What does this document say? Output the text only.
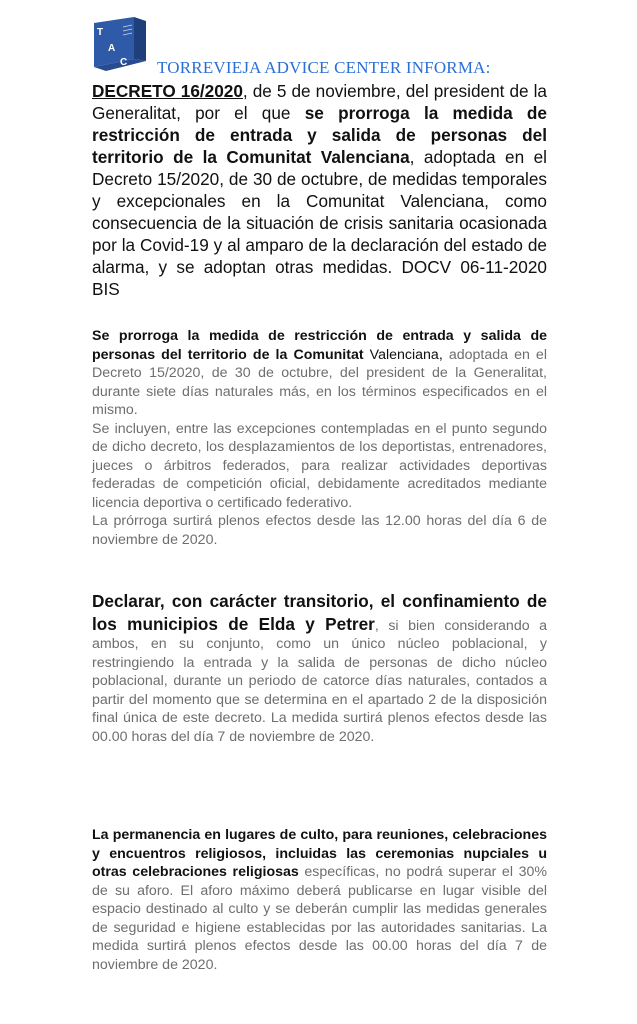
T
A
C TORREVIEJA ADVICE CENTER INFORMA:
DECRETO 16/2020, de 5 de noviembre, del president de la Generalitat, por el que se prorroga la medida de restricción de entrada y salida de personas del territorio de la Comunitat Valenciana, adoptada en el Decreto 15/2020, de 30 de octubre, de medidas temporales y excepcionales en la Comunitat Valenciana, como consecuencia de la situación de crisis sanitaria ocasionada por la Covid-19 y al amparo de la declaración del estado de alarma, y se adoptan otras medidas. DOCV 06-11-2020 BIS
Se prorroga la medida de restricción de entrada y salida de personas del territorio de la Comunitat Valenciana, adoptada en el Decreto 15/2020, de 30 de octubre, del president de la Generalitat, durante siete días naturales más, en los términos especificados en el mismo.
Se incluyen, entre las excepciones contempladas en el punto segundo de dicho decreto, los desplazamientos de los deportistas, entrenadores, jueces o árbitros federados, para realizar actividades deportivas federadas de competición oficial, debidamente acreditados mediante licencia deportiva o certificado federativo.
La prórroga surtirá plenos efectos desde las 12.00 horas del día 6 de noviembre de 2020.
Declarar, con carácter transitorio, el confinamiento de los municipios de Elda y Petrer, si bien considerando a ambos, en su conjunto, como un único núcleo poblacional, y restringiendo la entrada y la salida de personas de dicho núcleo poblacional, durante un periodo de catorce días naturales, contados a partir del momento que se determina en el apartado 2 de la disposición final única de este decreto. La medida surtirá plenos efectos desde las 00.00 horas del día 7 de noviembre de 2020.
La permanencia en lugares de culto, para reuniones, celebraciones y encuentros religiosos, incluidas las ceremonias nupciales u otras celebraciones religiosas específicas, no podrá superar el 30% de su aforo. El aforo máximo deberá publicarse en lugar visible del espacio destinado al culto y se deberán cumplir las medidas generales de seguridad e higiene establecidas por las autoridades sanitarias. La medida surtirá plenos efectos desde las 00.00 horas del día 7 de noviembre de 2020.
